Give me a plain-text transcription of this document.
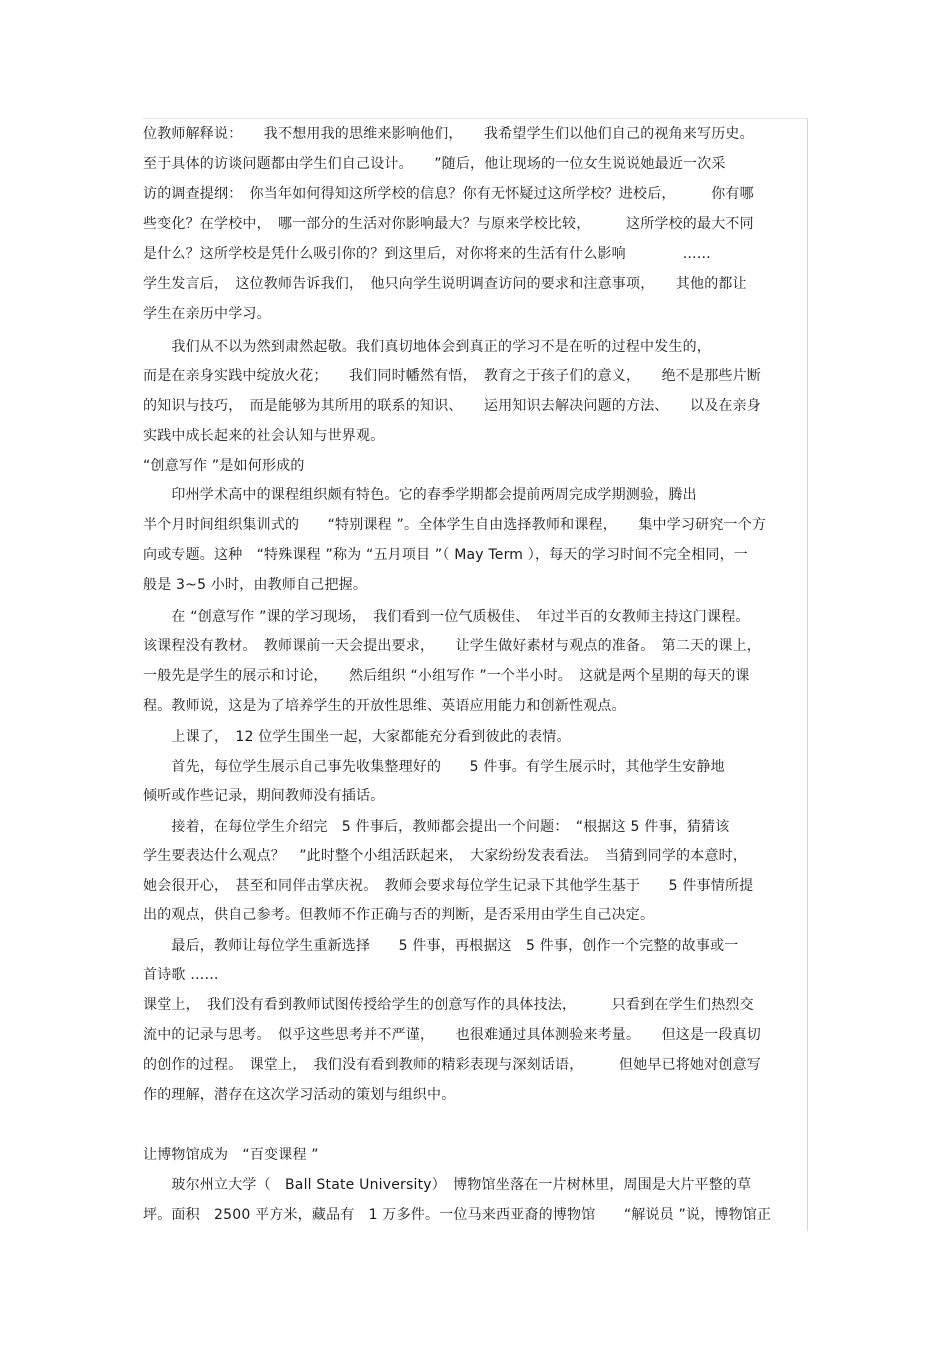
位教师解释说：　　我不想用我的思维来影响他们，　　我希望学生们以他们自己的视角来写历史。
至于具体的访谈问题都由学生们自己设计。　　”随后，他让现场的一位女生说说她最近一次采
访的调查提纲：　你当年如何得知这所学校的信息？你有无怀疑过这所学校？进校后，　　　你有哪
些变化？在学校中，　哪一部分的生活对你影响最大？与原来学校比较，　　　这所学校的最大不同
是什么？这所学校是凭什么吸引你的？到这里后，对你将来的生活有什么影响　　　　……
学生发言后，　这位教师告诉我们，　他只向学生说明调查访问的要求和注意事项，　　其他的都让
学生在亲历中学习。
　　我们从不以为然到肃然起敬。我们真切地体会到真正的学习不是在听的过程中发生的，
而是在亲身实践中绽放火花；　　我们同时幡然有悟，　教育之于孩子们的意义，　　绝不是那些片断
的知识与技巧，　而是能够为其所用的联系的知识、　　运用知识去解决问题的方法、　　以及在亲身
实践中成长起来的社会认知与世界观。
“创意写作 ”是如何形成的
　　印州学术高中的课程组织颇有特色。它的春季学期都会提前两周完成学期测验，腾出
半个月时间组织集训式的　　“特别课程 ”。全体学生自由选择教师和课程，　　集中学习研究一个方
向或专题。这种　“特殊课程 ”称为 “五月项目 ”（ May Term ），每天的学习时间不完全相同，一
般是 3~5 小时，由教师自己把握。
　　在 “创意写作 ”课的学习现场，　我们看到一位气质极佳、　年过半百的女教师主持这门课程。
该课程没有教材。　教师课前一天会提出要求，　　让学生做好素材与观点的准备。　第二天的课上，
一般先是学生的展示和讨论，　　然后组织 “小组写作 ”一个半小时。　这就是两个星期的每天的课
程。教师说，这是为了培养学生的开放性思维、英语应用能力和创新性观点。
　　上课了，　12 位学生围坐一起，大家都能充分看到彼此的表情。
　　首先，每位学生展示自己事先收集整理好的　　5 件事。有学生展示时，其他学生安静地
倾听或作些记录，期间教师没有插话。
　　接着，在每位学生介绍完　5 件事后，教师都会提出一个问题：　“根据这 5 件事，猜猜该
学生要表达什么观点？　”此时整个小组活跃起来，　大家纷纷发表看法。　当猜到同学的本意时，
她会很开心，　甚至和同伴击掌庆祝。　教师会要求每位学生记录下其他学生基于　　5 件事情所提
出的观点，供自己参考。但教师不作正确与否的判断，是否采用由学生自己决定。
　　最后，教师让每位学生重新选择　　5 件事，再根据这　5 件事，创作一个完整的故事或一
首诗歌 ……
课堂上，　我们没有看到教师试图传授给学生的创意写作的具体技法，　　　只看到在学生们热烈交
流中的记录与思考。　似乎这些思考并不严谨，　　也很难通过具体测验来考量。　　但这是一段真切
的创作的过程。　课堂上，　我们没有看到教师的精彩表现与深刻话语，　　　但她早已将她对创意写
作的理解，潜存在这次学习活动的策划与组织中。
让博物馆成为　“百变课程 ”
　　玻尔州立大学（　Ball State University）　博物馆坐落在一片树林里，周围是大片平整的草
坪。面积　2500 平方米，藏品有　1 万多件。一位马来西亚裔的博物馆　　“解说员 ”说，博物馆正
